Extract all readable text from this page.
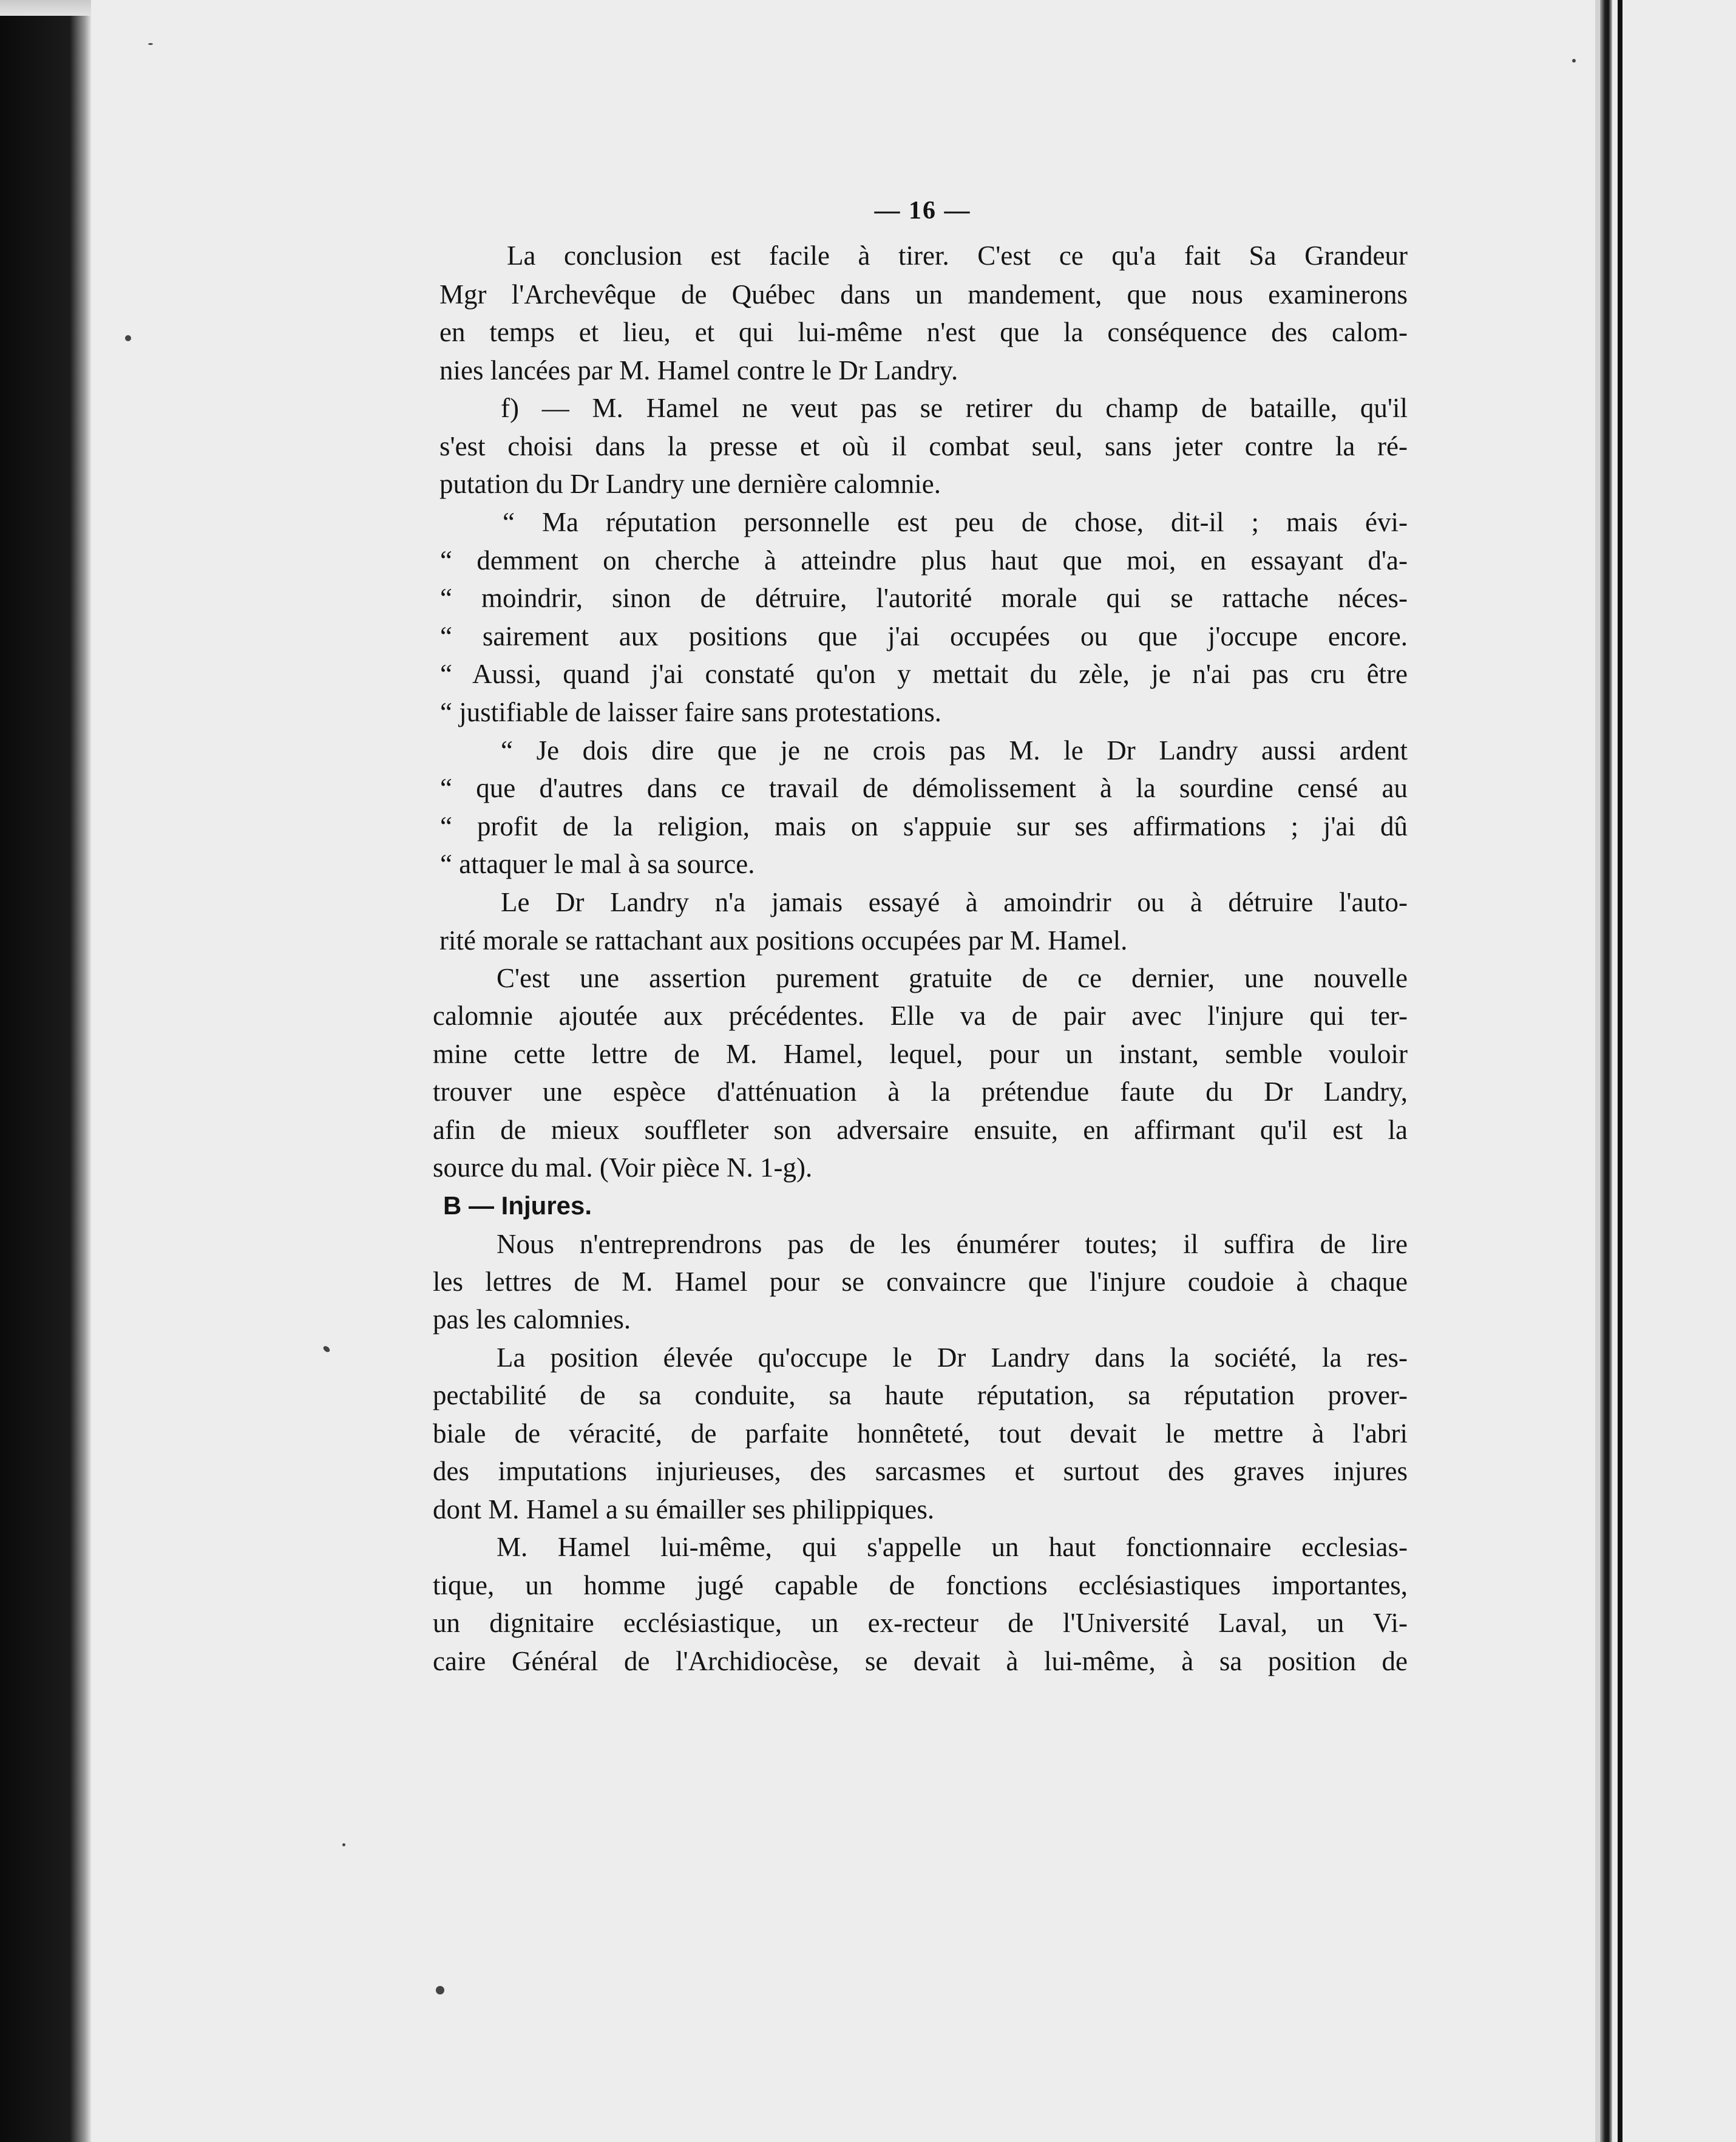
— 16 —
La conclusion est facile à tirer. C'est ce qu'a fait Sa Grandeur
Mgr l'Archevêque de Québec dans un mandement, que nous examinerons
en temps et lieu, et qui lui-même n'est que la conséquence des calom-
nies lancées par M. Hamel contre le Dr Landry.
f) — M. Hamel ne veut pas se retirer du champ de bataille, qu'il
s'est choisi dans la presse et où il combat seul, sans jeter contre la ré-
putation du Dr Landry une dernière calomnie.
“ Ma réputation personnelle est peu de chose, dit-il ; mais évi-
“ demment on cherche à atteindre plus haut que moi, en essayant d'a-
“ moindrir, sinon de détruire, l'autorité morale qui se rattache néces-
“ sairement aux positions que j'ai occupées ou que j'occupe encore.
“ Aussi, quand j'ai constaté qu'on y mettait du zèle, je n'ai pas cru être
“ justifiable de laisser faire sans protestations.
“ Je dois dire que je ne crois pas M. le Dr Landry aussi ardent
“ que d'autres dans ce travail de démolissement à la sourdine censé au
“ profit de la religion, mais on s'appuie sur ses affirmations ; j'ai dû
“ attaquer le mal à sa source.
Le Dr Landry n'a jamais essayé à amoindrir ou à détruire l'auto-
rité morale se rattachant aux positions occupées par M. Hamel.
C'est une assertion purement gratuite de ce dernier, une nouvelle
calomnie ajoutée aux précédentes. Elle va de pair avec l'injure qui ter-
mine cette lettre de M. Hamel, lequel, pour un instant, semble vouloir
trouver une espèce d'atténuation à la prétendue faute du Dr Landry,
afin de mieux souffleter son adversaire ensuite, en affirmant qu'il est la
source du mal. (Voir pièce N. 1-g).
B — Injures.
Nous n'entreprendrons pas de les énumérer toutes; il suffira de lire
les lettres de M. Hamel pour se convaincre que l'injure coudoie à chaque
pas les calomnies.
La position élevée qu'occupe le Dr Landry dans la société, la res-
pectabilité de sa conduite, sa haute réputation, sa réputation prover-
biale de véracité, de parfaite honnêteté, tout devait le mettre à l'abri
des imputations injurieuses, des sarcasmes et surtout des graves injures
dont M. Hamel a su émailler ses philippiques.
M. Hamel lui-même, qui s'appelle un haut fonctionnaire ecclesias-
tique, un homme jugé capable de fonctions ecclésiastiques importantes,
un dignitaire ecclésiastique, un ex-recteur de l'Université Laval, un Vi-
caire Général de l'Archidiocèse, se devait à lui-même, à sa position de
